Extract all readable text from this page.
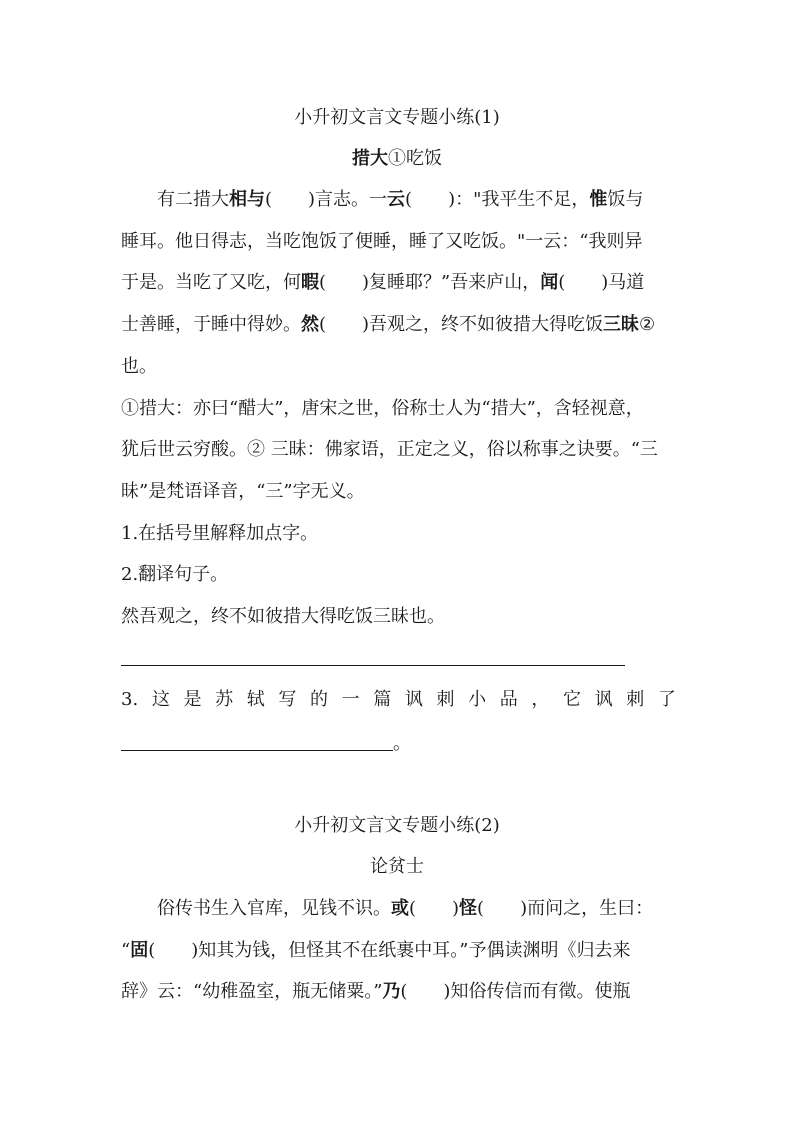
小升初文言文专题小练(1)
措大①吃饭
有二措大相与(　　)言志。一云(　　)："我平生不足，惟饭与
睡耳。他日得志，当吃饱饭了便睡，睡了又吃饭。"一云：“我则异
于是。当吃了又吃，何暇(　　)复睡耶？”吾来庐山，闻(　　)马道
士善睡，于睡中得妙。然(　　)吾观之，终不如彼措大得吃饭三昧②
也。
①措大：亦曰“醋大”，唐宋之世，俗称士人为“措大”，含轻视意，
犹后世云穷酸。② 三昧：佛家语，正定之义，俗以称事之诀要。“三
昧”是梵语译音，“三”字无义。
1.在括号里解释加点字。
2.翻译句子。
然吾观之，终不如彼措大得吃饭三昧也。
3. 这 是 苏 轼 写 的 一 篇 讽 刺 小 品 ， 它 讽 刺 了
。
小升初文言文专题小练(2)
论贫士
俗传书生入官库，见钱不识。或(　　)怪(　　)而问之，生曰：
“固(　　)知其为钱，但怪其不在纸裹中耳。”予偶读渊明《归去来
辞》云：“幼稚盈室，瓶无储粟。”乃(　　)知俗传信而有徵。使瓶
